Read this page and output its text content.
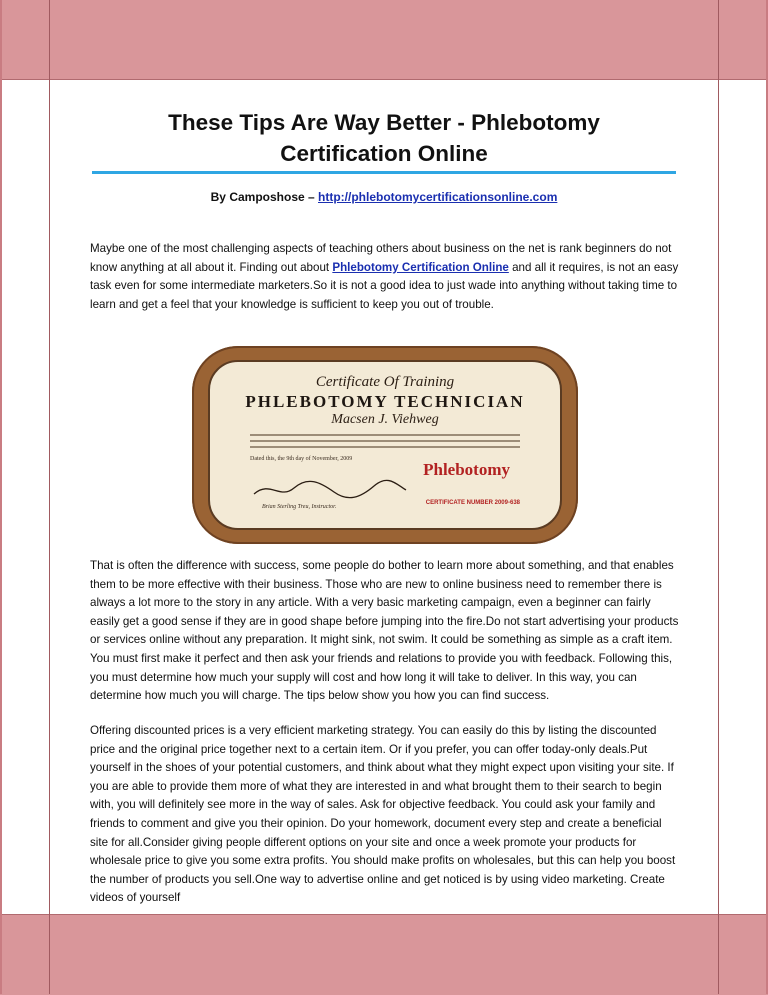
These Tips Are Way Better - Phlebotomy Certification Online
By Camposhose – http://phlebotomycertificationsonline.com

Maybe one of the most challenging aspects of teaching others about business on the net is rank beginners do not know anything at all about it. Finding out about Phlebotomy Certification Online and all it requires, is not an easy task even for some intermediate marketers.So it is not a good idea to just wade into anything without taking time to learn and get a feel that your knowledge is sufficient to keep you out of trouble.

Certificate Of Training
PHLEBOTOMY TECHNICIAN
Macsen J. Viehweg
Dated this, the 9th day of November, 2009
Phlebotomy
CERTIFICATE NUMBER 2009-638
Brian Sterling Treu, Instructor.

That is often the difference with success, some people do bother to learn more about something, and that enables them to be more effective with their business. Those who are new to online business need to remember there is always a lot more to the story in any article. With a very basic marketing campaign, even a beginner can fairly easily get a good sense if they are in good shape before jumping into the fire.Do not start advertising your products or services online without any preparation. It might sink, not swim. It could be something as simple as a craft item. You must first make it perfect and then ask your friends and relations to provide you with feedback. Following this, you must determine how much your supply will cost and how long it will take to deliver. In this way, you can determine how much you will charge. The tips below show you how you can find success.

Offering discounted prices is a very efficient marketing strategy. You can easily do this by listing the discounted price and the original price together next to a certain item. Or if you prefer, you can offer today-only deals.Put yourself in the shoes of your potential customers, and think about what they might expect upon visiting your site. If you are able to provide them more of what they are interested in and what brought them to their search to begin with, you will definitely see more in the way of sales. Ask for objective feedback. You could ask your family and friends to comment and give you their opinion. Do your homework, document every step and create a beneficial site for all.Consider giving people different options on your site and once a week promote your products for wholesale price to give you some extra profits. You should make profits on wholesales, but this can help you boost the number of products you sell.One way to advertise online and get noticed is by using video marketing. Create videos of yourself
